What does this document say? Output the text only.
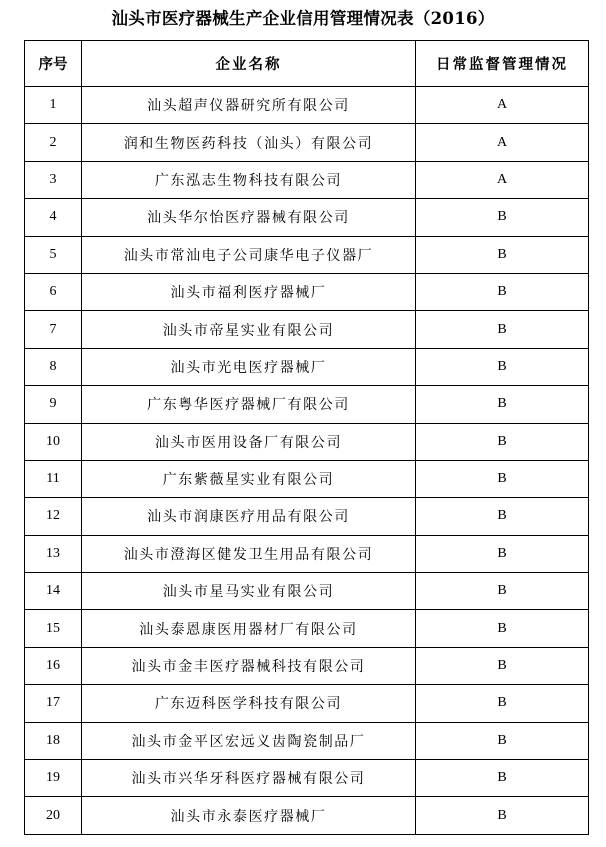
汕头市医疗器械生产企业信用管理情况表（2016）
序号	企业名称	日常监督管理情况
1	汕头超声仪器研究所有限公司	A
2	润和生物医药科技（汕头）有限公司	A
3	广东泓志生物科技有限公司	A
4	汕头华尔怡医疗器械有限公司	B
5	汕头市常汕电子公司康华电子仪器厂	B
6	汕头市福利医疗器械厂	B
7	汕头市帝星实业有限公司	B
8	汕头市光电医疗器械厂	B
9	广东粤华医疗器械厂有限公司	B
10	汕头市医用设备厂有限公司	B
11	广东紫薇星实业有限公司	B
12	汕头市润康医疗用品有限公司	B
13	汕头市澄海区健发卫生用品有限公司	B
14	汕头市星马实业有限公司	B
15	汕头泰恩康医用器材厂有限公司	B
16	汕头市金丰医疗器械科技有限公司	B
17	广东迈科医学科技有限公司	B
18	汕头市金平区宏远义齿陶瓷制品厂	B
19	汕头市兴华牙科医疗器械有限公司	B
20	汕头市永泰医疗器械厂	B
